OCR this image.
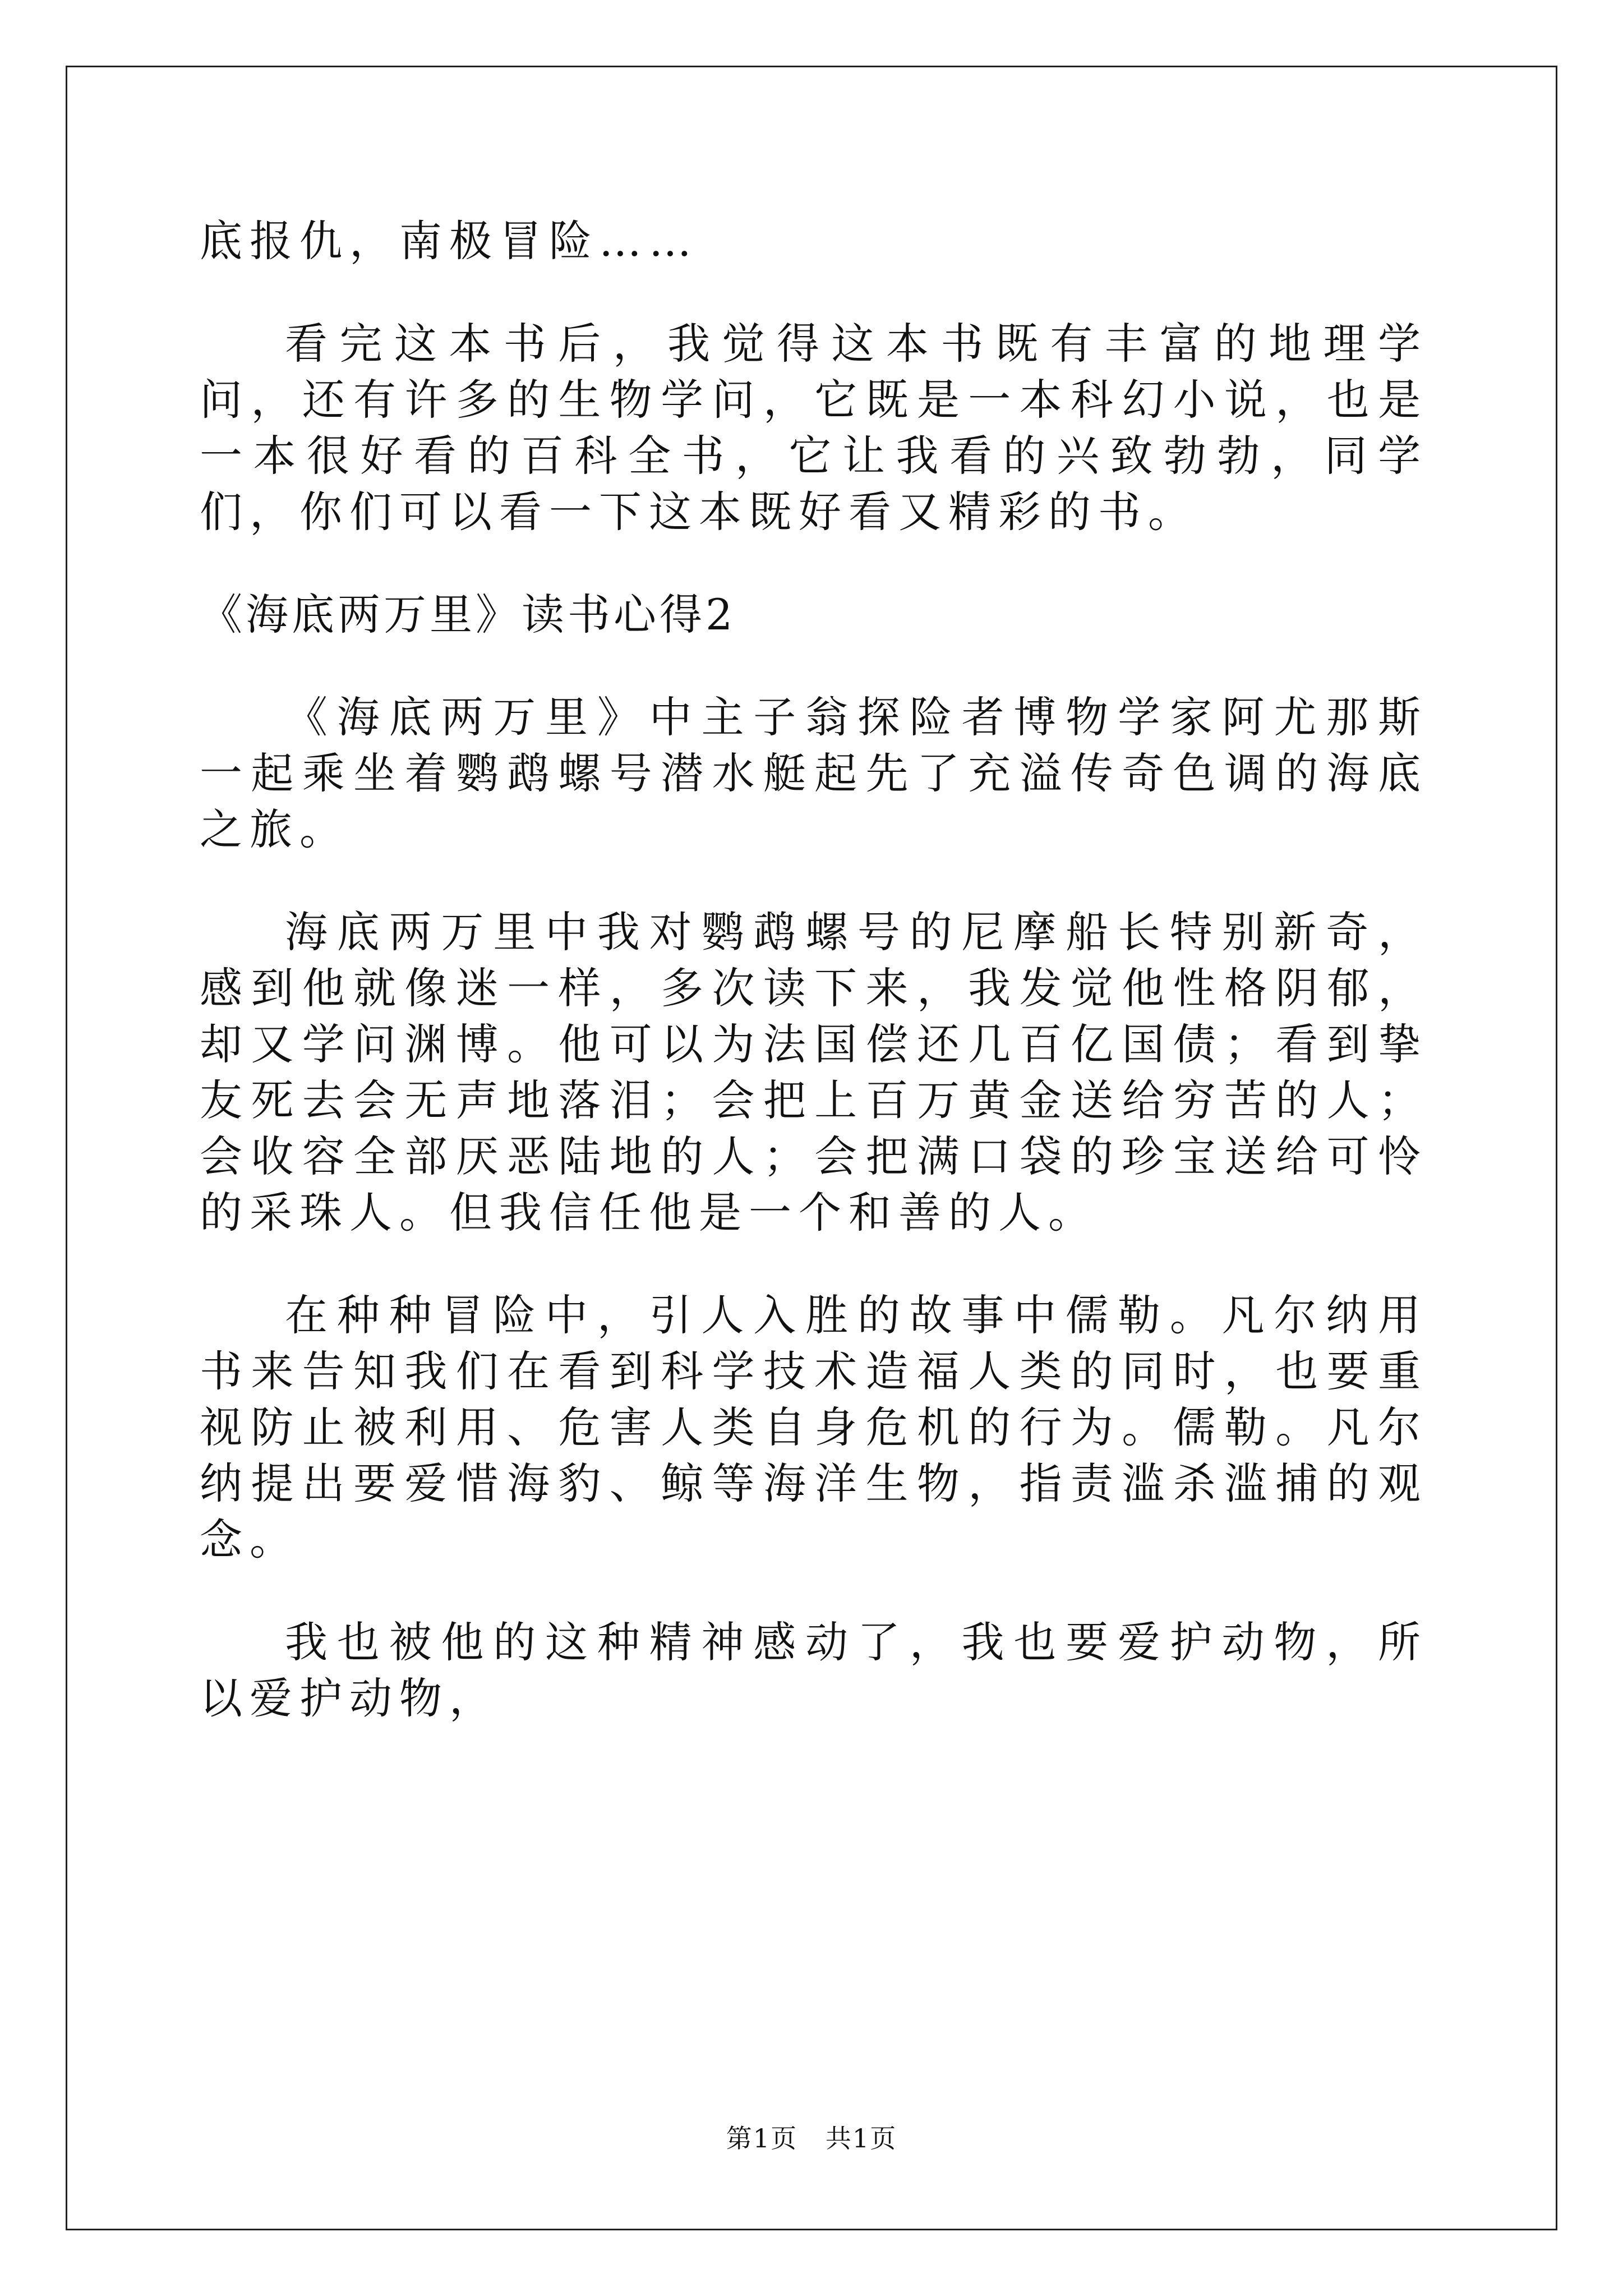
底报仇，南极冒险……

看完这本书后，我觉得这本书既有丰富的地理学问，还有许多的生物学问，它既是一本科幻小说，也是一本很好看的百科全书，它让我看的兴致勃勃，同学们，你们可以看一下这本既好看又精彩的书。

《海底两万里》读书心得2

《海底两万里》中主子翁探险者博物学家阿尤那斯一起乘坐着鹦鹉螺号潜水艇起先了充溢传奇色调的海底之旅。

海底两万里中我对鹦鹉螺号的尼摩船长特别新奇，感到他就像迷一样，多次读下来，我发觉他性格阴郁，却又学问渊博。他可以为法国偿还几百亿国债；看到挚友死去会无声地落泪；会把上百万黄金送给穷苦的人；会收容全部厌恶陆地的人；会把满口袋的珍宝送给可怜的采珠人。但我信任他是一个和善的人。

在种种冒险中，引人入胜的故事中儒勒。凡尔纳用书来告知我们在看到科学技术造福人类的同时，也要重视防止被利用、危害人类自身危机的行为。儒勒。凡尔纳提出要爱惜海豹、鲸等海洋生物，指责滥杀滥捕的观念。

我也被他的这种精神感动了，我也要爱护动物，所以爱护动物，

第1页   共1页
